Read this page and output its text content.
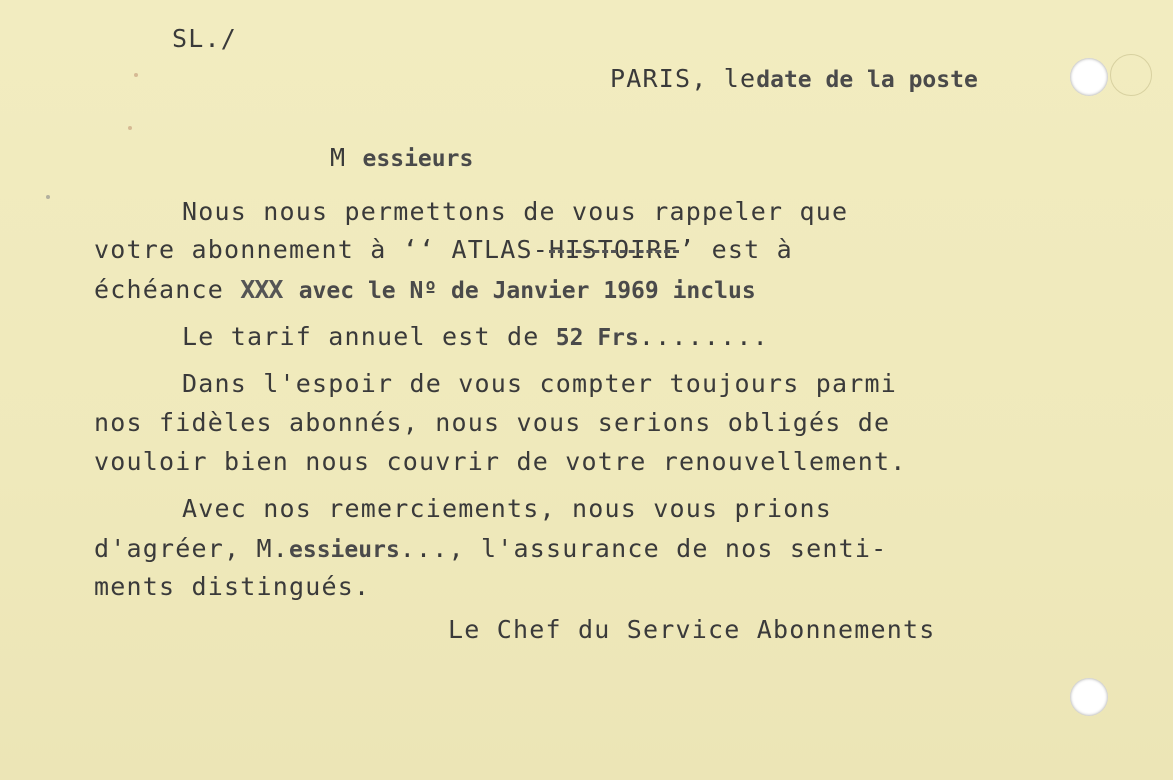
SL./
PARIS, ledate de la poste
M essieurs
Nous nous permettons de vous rappeler que
votre abonnement à ‘‘ ATLAS-HISTOIRE’ est à
échéance XXX avec le Nº de Janvier 1969 inclus
Le tarif annuel est de 52 Frs........
Dans l'espoir de vous compter toujours parmi
nos fidèles abonnés, nous vous serions obligés de
vouloir bien nous couvrir de votre renouvellement.
Avec nos remerciements, nous vous prions
d'agréer, M.essieurs..., l'assurance de nos senti-
ments distingués.
Le Chef du Service Abonnements
